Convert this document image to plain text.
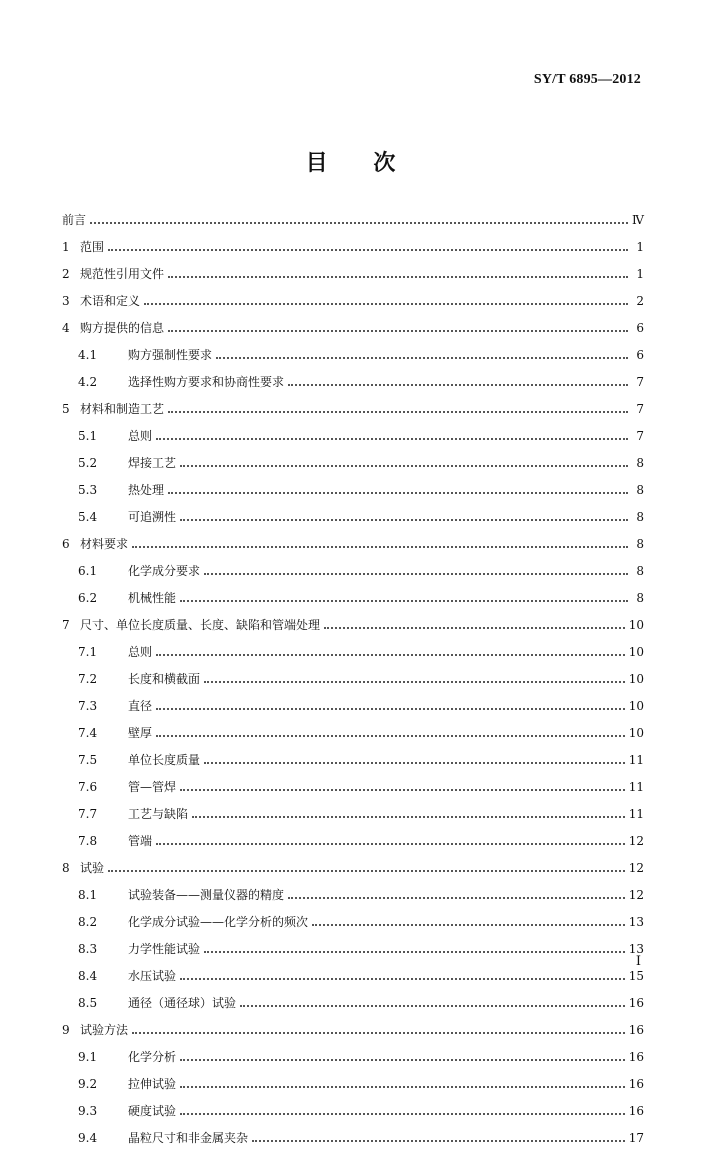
SY/T 6895—2012
目 次
前言	Ⅳ
1 范围	1
2 规范性引用文件	1
3 术语和定义	2
4 购方提供的信息	6
4.1	购方强制性要求	6
4.2	选择性购方要求和协商性要求	7
5 材料和制造工艺	7
5.1	总则	7
5.2	焊接工艺	8
5.3	热处理	8
5.4	可追溯性	8
6 材料要求	8
6.1	化学成分要求	8
6.2	机械性能	8
7 尺寸、单位长度质量、长度、缺陷和管端处理	10
7.1	总则	10
7.2	长度和横截面	10
7.3	直径	10
7.4	壁厚	10
7.5	单位长度质量	11
7.6	管—管焊	11
7.7	工艺与缺陷	11
7.8	管端	12
8 试验	12
8.1	试验装备——测量仪器的精度	12
8.2	化学成分试验——化学分析的频次	13
8.3	力学性能试验	13
8.4	水压试验	15
8.5	通径（通径球）试验	16
9 试验方法	16
9.1	化学分析	16
9.2	拉伸试验	16
9.3	硬度试验	16
9.4	晶粒尺寸和非金属夹杂	17
I
